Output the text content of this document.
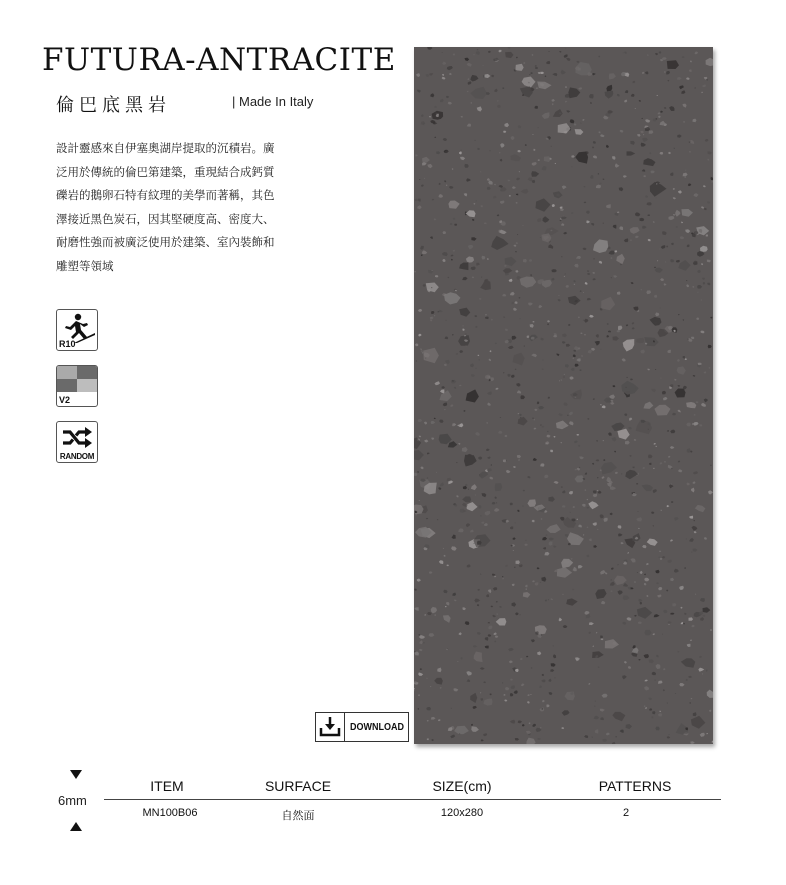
FUTURA-ANTRACITE
倫巴底黑岩	| Made In Italy
設計靈感來自伊塞奧湖岸提取的沉積岩。廣
泛用於傳統的倫巴第建築，重現結合成鈣質
礫岩的鵝卵石特有紋理的美學而著稱，其色
澤接近黑色炭石，因其堅硬度高、密度大、
耐磨性強而被廣泛使用於建築、室內裝飾和
雕塑等領域
R10
V2
RANDOM
DOWNLOAD
6mm
ITEM	SURFACE	SIZE(cm)	PATTERNS
MN100B06	自然面	120x280	2
